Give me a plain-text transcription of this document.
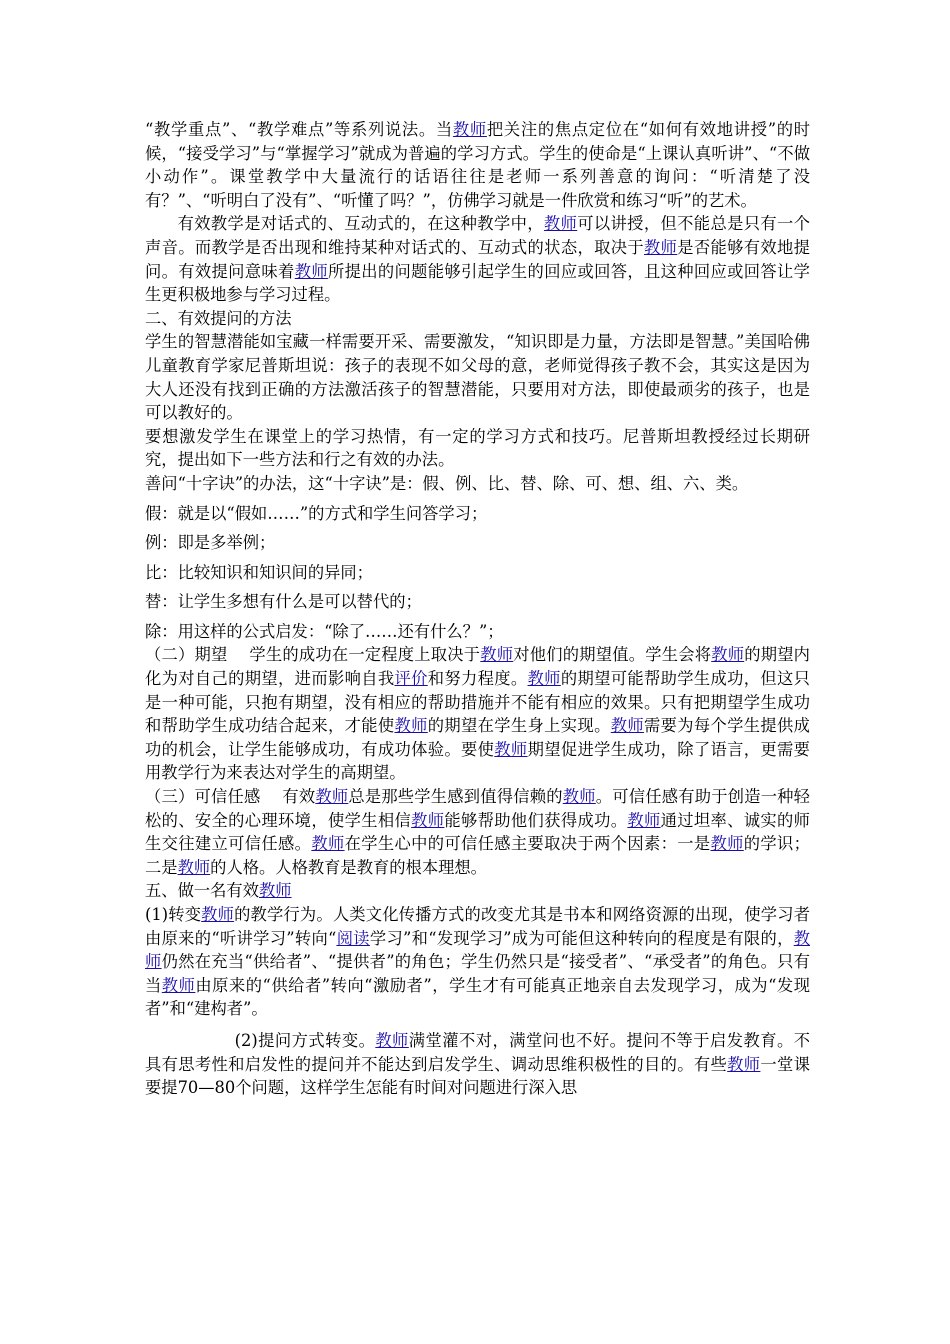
“教学重点”、“教学难点”等系列说法。当教师把关注的焦点定位在“如何有效地讲授”的时候，“接受学习”与“掌握学习”就成为普遍的学习方式。学生的使命是“上课认真听讲”、“不做小动作”。课堂教学中大量流行的话语往往是老师一系列善意的询问：“听清楚了没有？”、“听明白了没有”、“听懂了吗？”，仿佛学习就是一件欣赏和练习“听”的艺术。

有效教学是对话式的、互动式的，在这种教学中，教师可以讲授，但不能总是只有一个声音。而教学是否出现和维持某种对话式的、互动式的状态，取决于教师是否能够有效地提问。有效提问意味着教师所提出的问题能够引起学生的回应或回答，且这种回应或回答让学生更积极地参与学习过程。

二、有效提问的方法

学生的智慧潜能如宝藏一样需要开采、需要激发，“知识即是力量，方法即是智慧。”美国哈佛儿童教育学家尼普斯坦说：孩子的表现不如父母的意，老师觉得孩子教不会，其实这是因为大人还没有找到正确的方法激活孩子的智慧潜能，只要用对方法，即使最顽劣的孩子，也是可以教好的。

要想激发学生在课堂上的学习热情，有一定的学习方式和技巧。尼普斯坦教授经过长期研究，提出如下一些方法和行之有效的办法。

善问“十字诀”的办法，这“十字诀”是：假、例、比、替、除、可、想、组、六、类。

假：就是以“假如……”的方式和学生问答学习；

例：即是多举例；

比：比较知识和知识间的异同；

替：让学生多想有什么是可以替代的；

除：用这样的公式启发：“除了……还有什么？”；

（二）期望　 学生的成功在一定程度上取决于教师对他们的期望值。学生会将教师的期望内化为对自己的期望，进而影响自我评价和努力程度。教师的期望可能帮助学生成功，但这只是一种可能，只抱有期望，没有相应的帮助措施并不能有相应的效果。只有把期望学生成功和帮助学生成功结合起来，才能使教师的期望在学生身上实现。教师需要为每个学生提供成功的机会，让学生能够成功，有成功体验。要使教师期望促进学生成功，除了语言，更需要用教学行为来表达对学生的高期望。

（三）可信任感　 有效教师总是那些学生感到值得信赖的教师。可信任感有助于创造一种轻松的、安全的心理环境，使学生相信教师能够帮助他们获得成功。教师通过坦率、诚实的师生交往建立可信任感。教师在学生心中的可信任感主要取决于两个因素：一是教师的学识；二是教师的人格。人格教育是教育的根本理想。

五、做一名有效教师

(1)转变教师的教学行为。人类文化传播方式的改变尤其是书本和网络资源的出现，使学习者由原来的“听讲学习”转向“阅读学习”和“发现学习”成为可能但这种转向的程度是有限的，教师仍然在充当“供给者”、“提供者”的角色；学生仍然只是“接受者”、“承受者”的角色。只有当教师由原来的“供给者”转向“激励者”，学生才有可能真正地亲自去发现学习，成为“发现者”和“建构者”。

(2)提问方式转变。教师满堂灌不对，满堂问也不好。提问不等于启发教育。不具有思考性和启发性的提问并不能达到启发学生、调动思维积极性的目的。有些教师一堂课要提70—80个问题，这样学生怎能有时间对问题进行深入思
